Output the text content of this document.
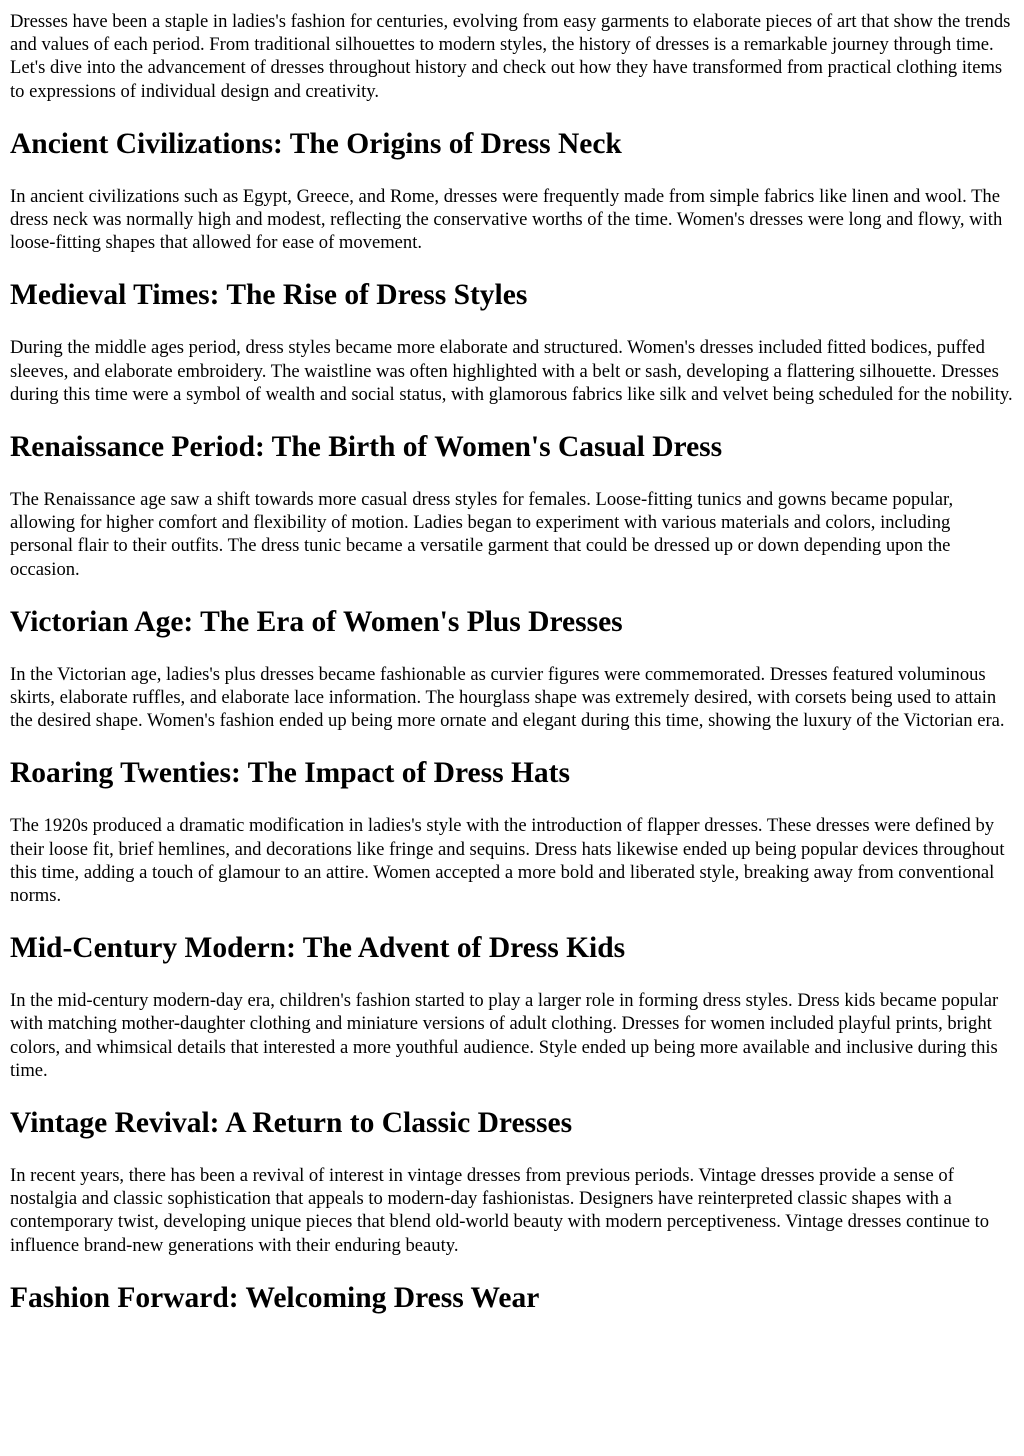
Dresses have been a staple in ladies's fashion for centuries, evolving from easy garments to elaborate pieces of art that show the trends and values of each period. From traditional silhouettes to modern styles, the history of dresses is a remarkable journey through time. Let's dive into the advancement of dresses throughout history and check out how they have transformed from practical clothing items to expressions of individual design and creativity.

Ancient Civilizations: The Origins of Dress Neck

In ancient civilizations such as Egypt, Greece, and Rome, dresses were frequently made from simple fabrics like linen and wool. The dress neck was normally high and modest, reflecting the conservative worths of the time. Women's dresses were long and flowy, with loose-fitting shapes that allowed for ease of movement.

Medieval Times: The Rise of Dress Styles

During the middle ages period, dress styles became more elaborate and structured. Women's dresses included fitted bodices, puffed sleeves, and elaborate embroidery. The waistline was often highlighted with a belt or sash, developing a flattering silhouette. Dresses during this time were a symbol of wealth and social status, with glamorous fabrics like silk and velvet being scheduled for the nobility.

Renaissance Period: The Birth of Women's Casual Dress

The Renaissance age saw a shift towards more casual dress styles for females. Loose-fitting tunics and gowns became popular, allowing for higher comfort and flexibility of motion. Ladies began to experiment with various materials and colors, including personal flair to their outfits. The dress tunic became a versatile garment that could be dressed up or down depending upon the occasion.

Victorian Age: The Era of Women's Plus Dresses

In the Victorian age, ladies's plus dresses became fashionable as curvier figures were commemorated. Dresses featured voluminous skirts, elaborate ruffles, and elaborate lace information. The hourglass shape was extremely desired, with corsets being used to attain the desired shape. Women's fashion ended up being more ornate and elegant during this time, showing the luxury of the Victorian era.

Roaring Twenties: The Impact of Dress Hats

The 1920s produced a dramatic modification in ladies's style with the introduction of flapper dresses. These dresses were defined by their loose fit, brief hemlines, and decorations like fringe and sequins. Dress hats likewise ended up being popular devices throughout this time, adding a touch of glamour to an attire. Women accepted a more bold and liberated style, breaking away from conventional norms.

Mid-Century Modern: The Advent of Dress Kids

In the mid-century modern-day era, children's fashion started to play a larger role in forming dress styles. Dress kids became popular with matching mother-daughter clothing and miniature versions of adult clothing. Dresses for women included playful prints, bright colors, and whimsical details that interested a more youthful audience. Style ended up being more available and inclusive during this time.

Vintage Revival: A Return to Classic Dresses

In recent years, there has been a revival of interest in vintage dresses from previous periods. Vintage dresses provide a sense of nostalgia and classic sophistication that appeals to modern-day fashionistas. Designers have reinterpreted classic shapes with a contemporary twist, developing unique pieces that blend old-world beauty with modern perceptiveness. Vintage dresses continue to influence brand-new generations with their enduring beauty.

Fashion Forward: Welcoming Dress Wear
